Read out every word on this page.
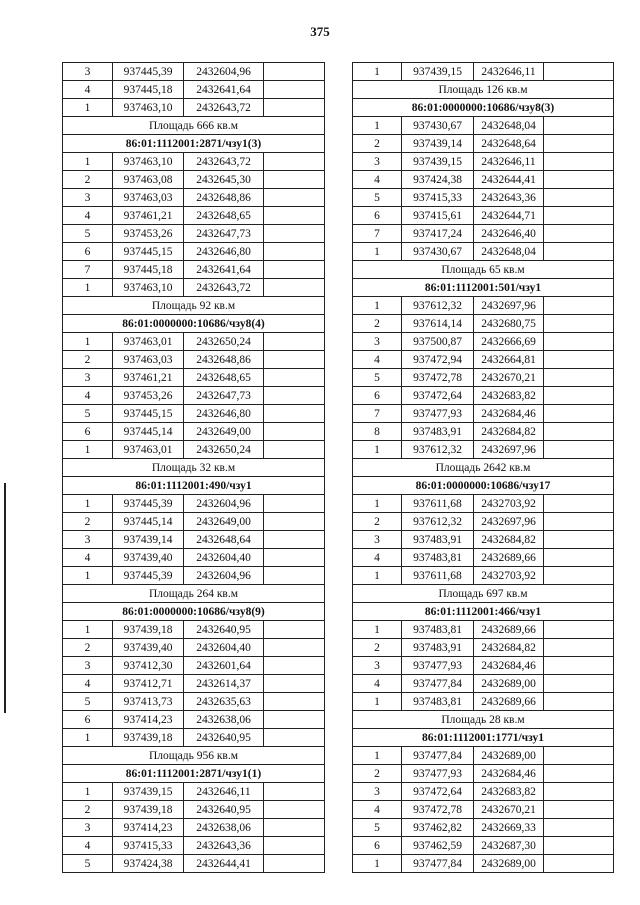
375
3	937445,39	2432604,96	
4	937445,18	2432641,64	
1	937463,10	2432643,72	
Площадь 666 кв.м			
86:01:1112001:2871/чзу1(3)			
1	937463,10	2432643,72	
2	937463,08	2432645,30	
3	937463,03	2432648,86	
4	937461,21	2432648,65	
5	937453,26	2432647,73	
6	937445,15	2432646,80	
7	937445,18	2432641,64	
1	937463,10	2432643,72	
Площадь 92 кв.м			
86:01:0000000:10686/чзу8(4)			
1	937463,01	2432650,24	
2	937463,03	2432648,86	
3	937461,21	2432648,65	
4	937453,26	2432647,73	
5	937445,15	2432646,80	
6	937445,14	2432649,00	
1	937463,01	2432650,24	
Площадь 32 кв.м			
86:01:1112001:490/чзу1			
1	937445,39	2432604,96	
2	937445,14	2432649,00	
3	937439,14	2432648,64	
4	937439,40	2432604,40	
1	937445,39	2432604,96	
Площадь 264 кв.м			
86:01:0000000:10686/чзу8(9)			
1	937439,18	2432640,95	
2	937439,40	2432604,40	
3	937412,30	2432601,64	
4	937412,71	2432614,37	
5	937413,73	2432635,63	
6	937414,23	2432638,06	
1	937439,18	2432640,95	
Площадь 956 кв.м			
86:01:1112001:2871/чзу1(1)			
1	937439,15	2432646,11	
2	937439,18	2432640,95	
3	937414,23	2432638,06	
4	937415,33	2432643,36	
5	937424,38	2432644,41	
1	937439,15	2432646,11	
Площадь 126 кв.м			
86:01:0000000:10686/чзу8(3)			
1	937430,67	2432648,04	
2	937439,14	2432648,64	
3	937439,15	2432646,11	
4	937424,38	2432644,41	
5	937415,33	2432643,36	
6	937415,61	2432644,71	
7	937417,24	2432646,40	
1	937430,67	2432648,04	
Площадь 65 кв.м			
86:01:1112001:501/чзу1			
1	937612,32	2432697,96	
2	937614,14	2432680,75	
3	937500,87	2432666,69	
4	937472,94	2432664,81	
5	937472,78	2432670,21	
6	937472,64	2432683,82	
7	937477,93	2432684,46	
8	937483,91	2432684,82	
1	937612,32	2432697,96	
Площадь 2642 кв.м			
86:01:0000000:10686/чзу17			
1	937611,68	2432703,92	
2	937612,32	2432697,96	
3	937483,91	2432684,82	
4	937483,81	2432689,66	
1	937611,68	2432703,92	
Площадь 697 кв.м			
86:01:1112001:466/чзу1			
1	937483,81	2432689,66	
2	937483,91	2432684,82	
3	937477,93	2432684,46	
4	937477,84	2432689,00	
1	937483,81	2432689,66	
Площадь 28 кв.м			
86:01:1112001:1771/чзу1			
1	937477,84	2432689,00	
2	937477,93	2432684,46	
3	937472,64	2432683,82	
4	937472,78	2432670,21	
5	937462,82	2432669,33	
6	937462,59	2432687,30	
1	937477,84	2432689,00	
